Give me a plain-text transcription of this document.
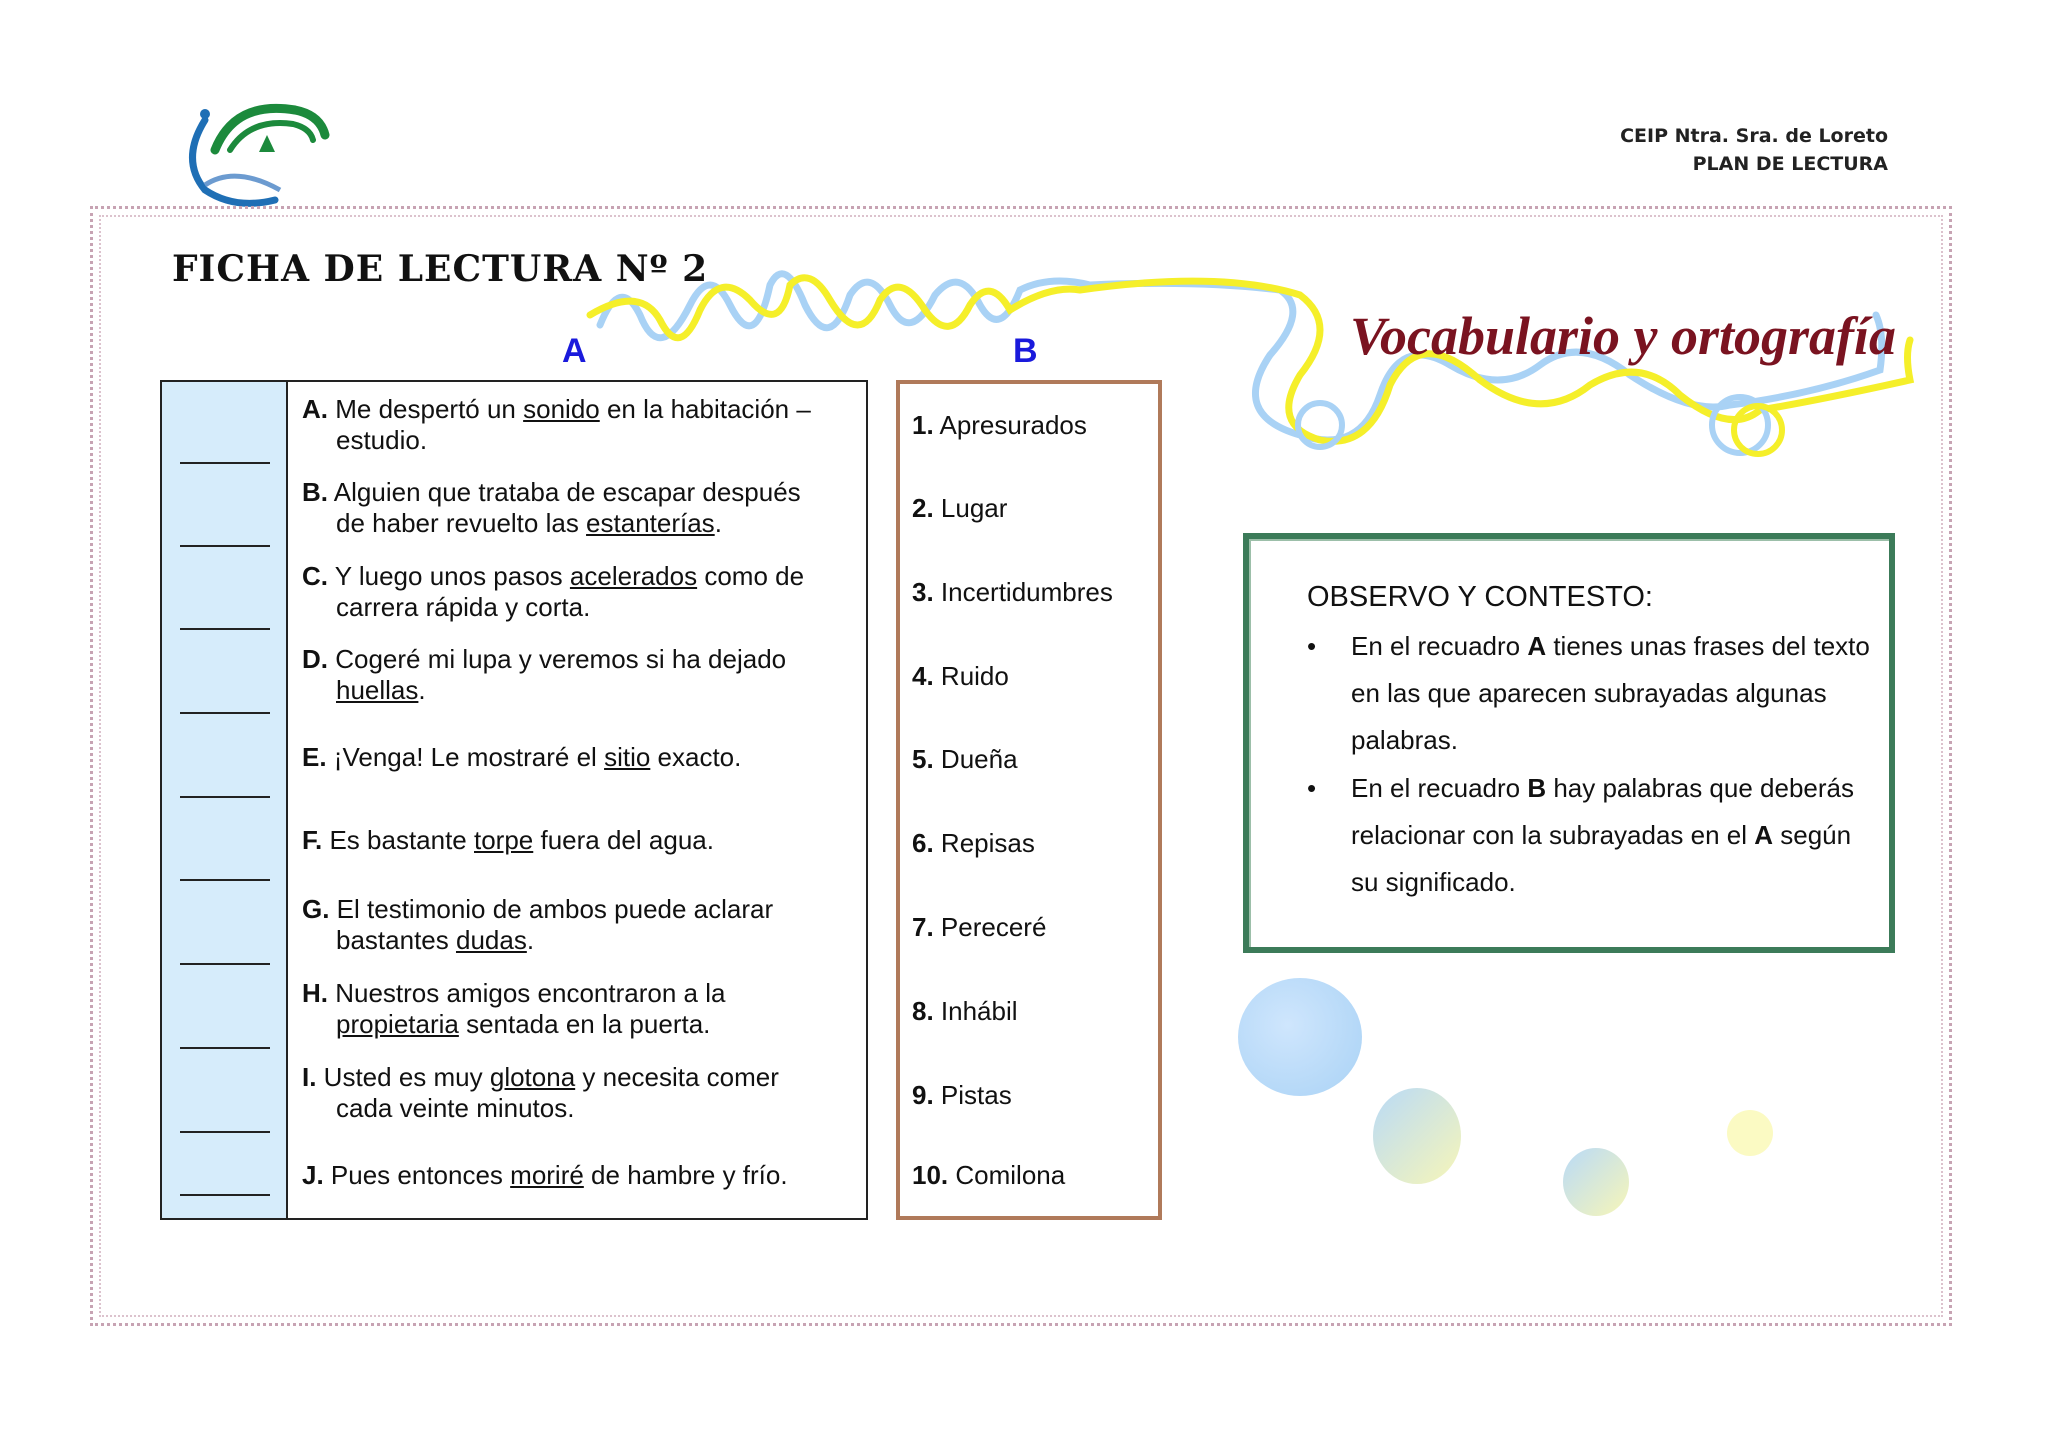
CEIP Ntra. Sra. de Loreto
PLAN DE LECTURA
FICHA DE LECTURA Nº 2
Vocabulario y ortografía
A	B
A. Me despertó un sonido en la habitación –
estudio.
B. Alguien que trataba de escapar después
de haber revuelto las estanterías.
C. Y luego unos pasos acelerados como de
carrera rápida y corta.
D. Cogeré mi lupa y veremos si ha dejado
huellas.
E. ¡Venga! Le mostraré el sitio exacto.
F. Es bastante torpe fuera del agua.
G. El testimonio de ambos puede aclarar
bastantes dudas.
H. Nuestros amigos encontraron a la
propietaria sentada en la puerta.
I. Usted es muy glotona y necesita comer
cada veinte minutos.
J. Pues entonces moriré de hambre y frío.
1. Apresurados
2. Lugar
3. Incertidumbres
4. Ruido
5. Dueña
6. Repisas
7. Pereceré
8. Inhábil
9. Pistas
10. Comilona
OBSERVO Y CONTESTO:
• En el recuadro A tienes unas frases del texto en las que aparecen subrayadas algunas palabras.
• En el recuadro B hay palabras que deberás relacionar con la subrayadas en el A según su significado.
